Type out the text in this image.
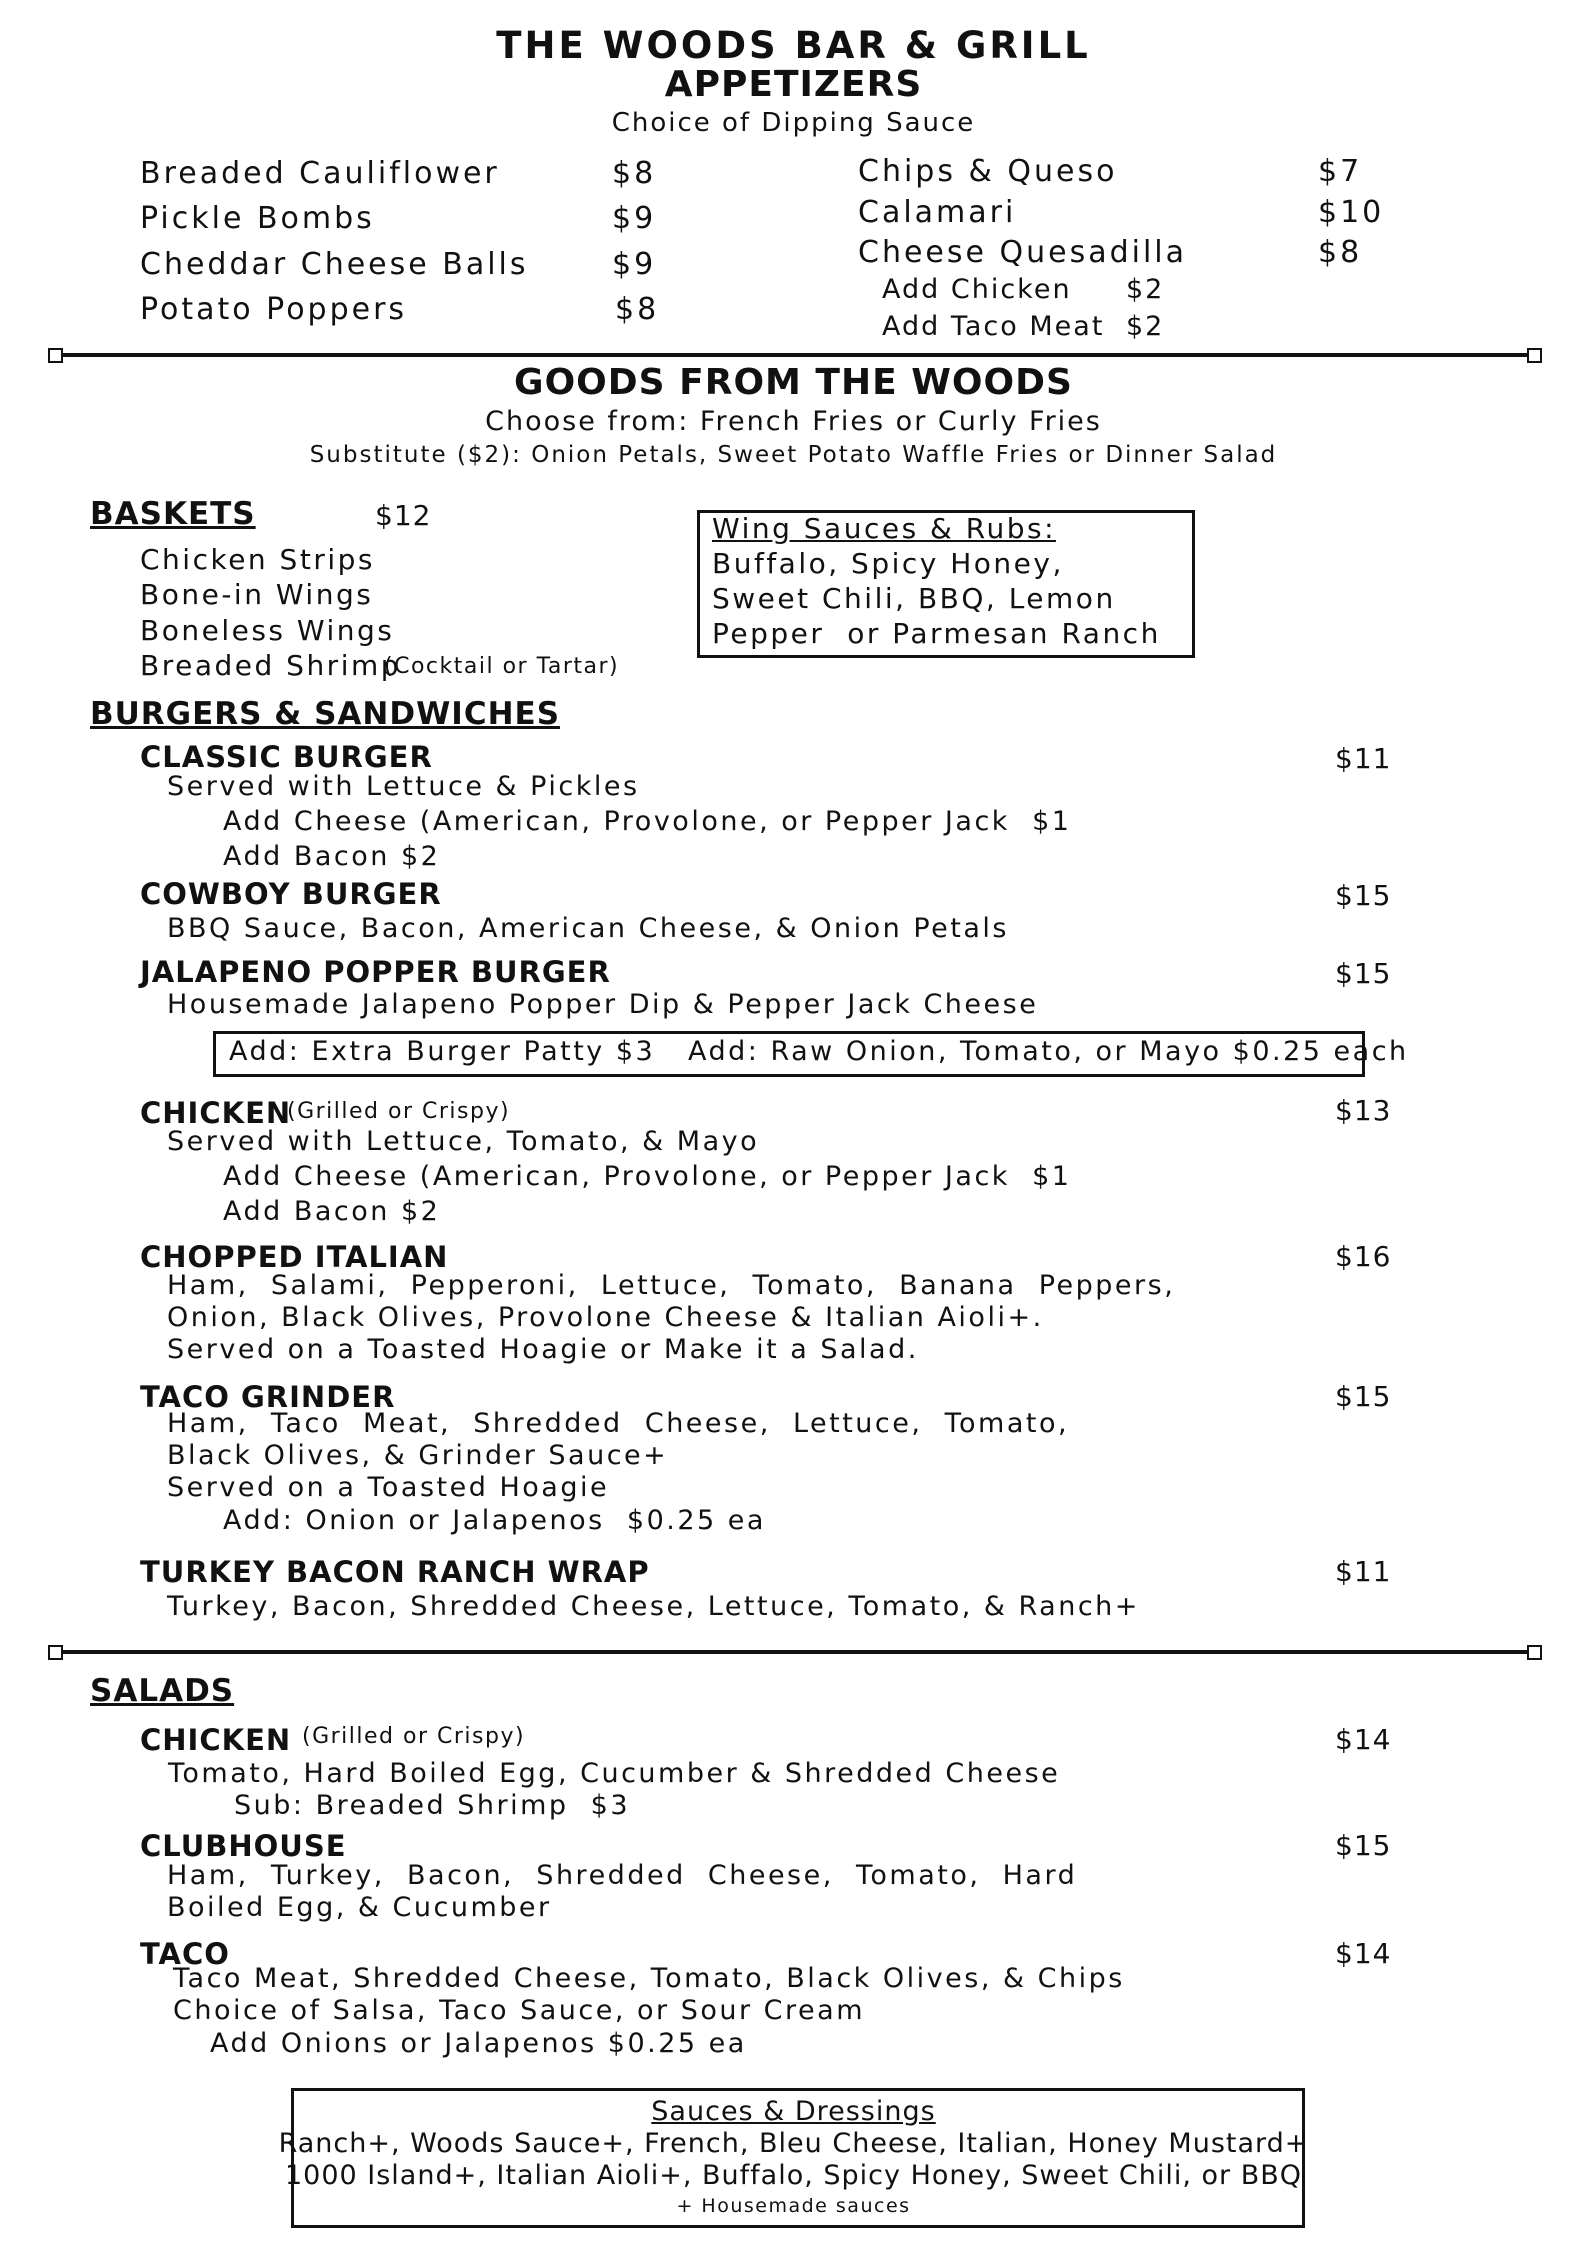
THE WOODS BAR & GRILL
APPETIZERS
Choice of Dipping Sauce
Breaded Cauliflower	$8
Pickle Bombs	$9
Cheddar Cheese Balls	$9
Potato Poppers	$8
Chips & Queso	$7
Calamari	$10
Cheese Quesadilla	$8
Add Chicken $2
Add Taco Meat $2
GOODS FROM THE WOODS
Choose from: French Fries or Curly Fries
Substitute ($2): Onion Petals, Sweet Potato Waffle Fries or Dinner Salad
BASKETS	$12
Chicken Strips
Bone-in Wings
Boneless Wings
Breaded Shrimp
(Cocktail or Tartar)
Wing Sauces & Rubs:
Buffalo, Spicy Honey,
Sweet Chili, BBQ, Lemon
Pepper  or Parmesan Ranch
BURGERS & SANDWICHES
CLASSIC BURGER	$11
Served with Lettuce & Pickles
Add Cheese (American, Provolone, or Pepper Jack  $1
Add Bacon $2
COWBOY BURGER	$15
BBQ Sauce, Bacon, American Cheese, & Onion Petals
JALAPENO POPPER BURGER	$15
Housemade Jalapeno Popper Dip & Pepper Jack Cheese
Add: Extra Burger Patty $3 Add: Raw Onion, Tomato, or Mayo $0.25 each
CHICKEN
(Grilled or Crispy)	$13
Served with Lettuce, Tomato, & Mayo
Add Cheese (American, Provolone, or Pepper Jack  $1
Add Bacon $2
CHOPPED ITALIAN	$16
Ham,  Salami,  Pepperoni,  Lettuce,  Tomato,  Banana  Peppers,
Onion, Black Olives, Provolone Cheese & Italian Aioli+.
Served on a Toasted Hoagie or Make it a Salad.
TACO GRINDER	$15
Ham,  Taco  Meat,  Shredded  Cheese,  Lettuce,  Tomato,
Black Olives, & Grinder Sauce+
Served on a Toasted Hoagie
Add: Onion or Jalapenos  $0.25 ea
TURKEY BACON RANCH WRAP	$11
Turkey, Bacon, Shredded Cheese, Lettuce, Tomato, & Ranch+
SALADS
CHICKEN (Grilled or Crispy)	$14
Tomato, Hard Boiled Egg, Cucumber & Shredded Cheese
Sub: Breaded Shrimp  $3
CLUBHOUSE	$15
Ham,  Turkey,  Bacon,  Shredded  Cheese,  Tomato,  Hard
Boiled Egg, & Cucumber
TACO	$14
Taco Meat, Shredded Cheese, Tomato, Black Olives, & Chips
Choice of Salsa, Taco Sauce, or Sour Cream
Add Onions or Jalapenos $0.25 ea
Sauces & Dressings
Ranch+, Woods Sauce+, French, Bleu Cheese, Italian, Honey Mustard+
1000 Island+, Italian Aioli+, Buffalo, Spicy Honey, Sweet Chili, or BBQ
+ Housemade sauces
